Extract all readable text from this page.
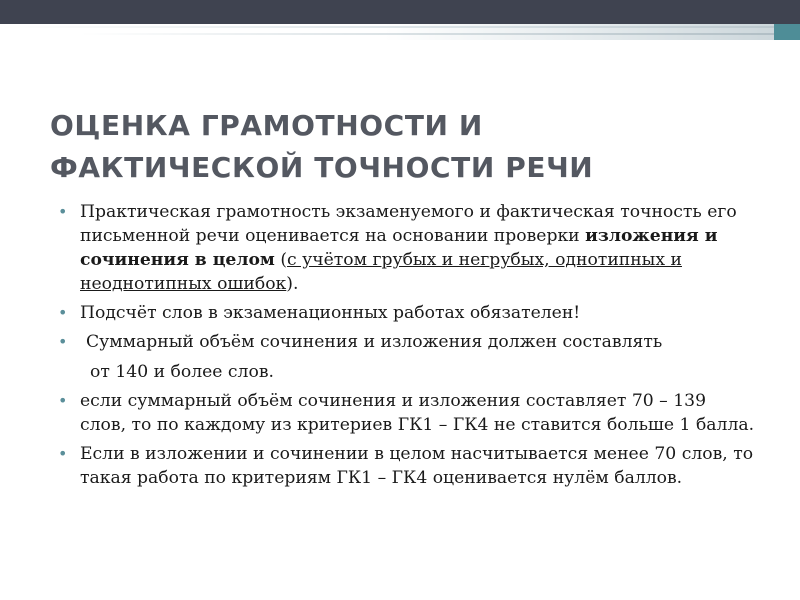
ОЦЕНКА ГРАМОТНОСТИ И
ФАКТИЧЕСКОЙ ТОЧНОСТИ РЕЧИ
• Практическая грамотность экзаменуемого и фактическая точность его письменной речи оценивается на основании проверки изложения и сочинения в целом (с учётом грубых и негрубых, однотипных и неоднотипных ошибок).
• Подсчёт слов в экзаменационных работах обязателен!
• Суммарный объём сочинения и изложения должен составлять
от 140 и более слов.
• если суммарный объём сочинения и изложения составляет 70 – 139 слов, то по каждому из критериев ГК1 – ГК4 не ставится больше 1 балла.
• Если в изложении и сочинении в целом насчитывается менее 70 слов, то такая работа по критериям ГК1 – ГК4 оценивается нулём баллов.
